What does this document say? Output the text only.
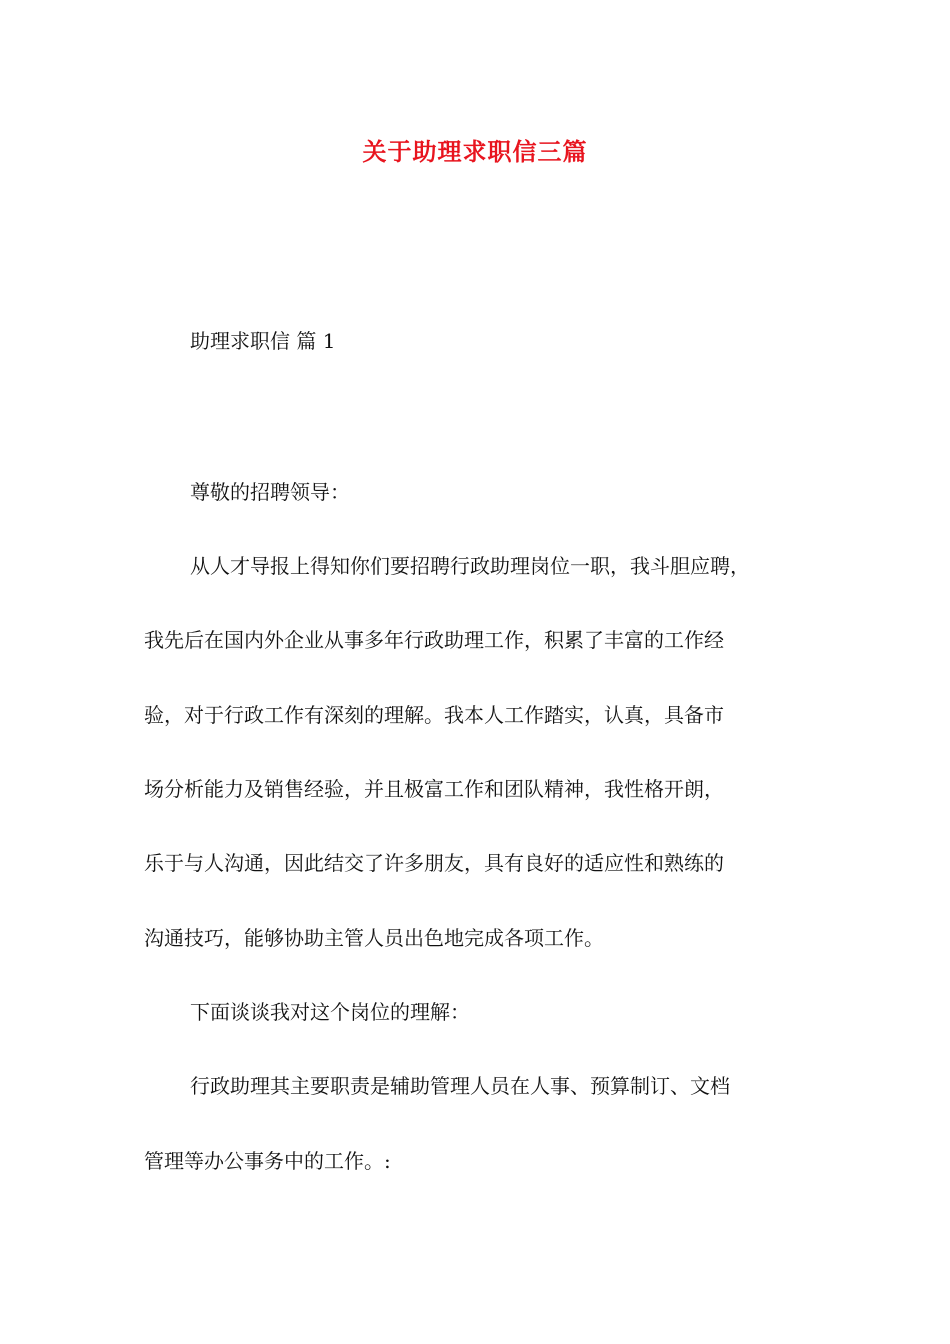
关于助理求职信三篇
助理求职信 篇 1
尊敬的招聘领导：
从人才导报上得知你们要招聘行政助理岗位一职，我斗胆应聘，
我先后在国内外企业从事多年行政助理工作，积累了丰富的工作经
验，对于行政工作有深刻的理解。我本人工作踏实，认真，具备市
场分析能力及销售经验，并且极富工作和团队精神，我性格开朗，
乐于与人沟通，因此结交了许多朋友，具有良好的适应性和熟练的
沟通技巧，能够协助主管人员出色地完成各项工作。
下面谈谈我对这个岗位的理解：
行政助理其主要职责是辅助管理人员在人事、预算制订、文档
管理等办公事务中的工作。:
